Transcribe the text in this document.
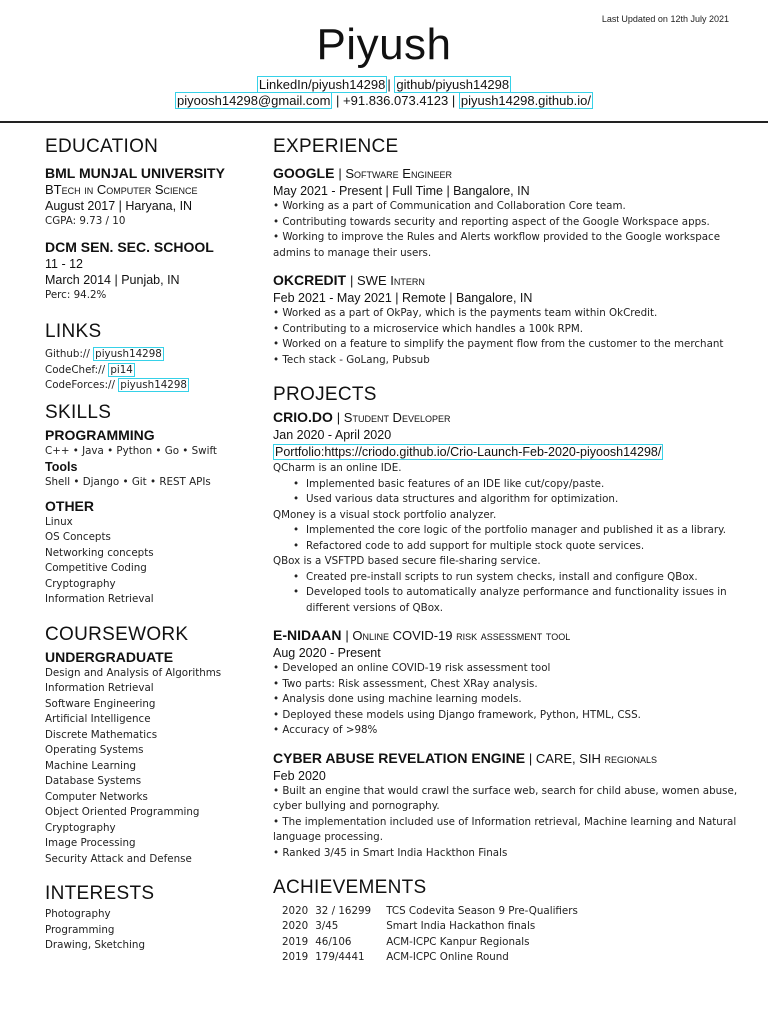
Last Updated on 12th July 2021
Piyush
LinkedIn/piyush14298 | github/piyush14298
piyoosh14298@gmail.com | +91.836.073.4123 | piyush14298.github.io/
EDUCATION
BML MUNJAL UNIVERSITY
BTech in Computer Science
August 2017 | Haryana, IN
CGPA: 9.73 / 10
DCM SEN. SEC. SCHOOL
11 - 12
March 2014 | Punjab, IN
Perc: 94.2%
LINKS
Github:// piyush14298
CodeChef:// pi14
CodeForces:// piyush14298
SKILLS
PROGRAMMING
C++ • Java • Python • Go • Swift
Tools
Shell • Django • Git • REST APIs
OTHER
Linux
OS Concepts
Networking concepts
Competitive Coding
Cryptography
Information Retrieval
COURSEWORK
UNDERGRADUATE
Design and Analysis of Algorithms
Information Retrieval
Software Engineering
Artificial Intelligence
Discrete Mathematics
Operating Systems
Machine Learning
Database Systems
Computer Networks
Object Oriented Programming
Cryptography
Image Processing
Security Attack and Defense
INTERESTS
Photography
Programming
Drawing, Sketching
EXPERIENCE
GOOGLE | Software Engineer
May 2021 - Present | Full Time | Bangalore, IN
• Working as a part of Communication and Collaboration Core team.
• Contributing towards security and reporting aspect of the Google Workspace apps.
• Working to improve the Rules and Alerts workflow provided to the Google workspace admins to manage their users.
OKCREDIT | SWE Intern
Feb 2021 - May 2021 | Remote | Bangalore, IN
• Worked as a part of OkPay, which is the payments team within OkCredit.
• Contributing to a microservice which handles a 100k RPM.
• Worked on a feature to simplify the payment flow from the customer to the merchant
• Tech stack - GoLang, Pubsub
PROJECTS
CRIO.DO | Student Developer
Jan 2020 - April 2020
Portfolio:https://criodo.github.io/Crio-Launch-Feb-2020-piyoosh14298/
QCharm is an online IDE.
• Implemented basic features of an IDE like cut/copy/paste.
• Used various data structures and algorithm for optimization.
QMoney is a visual stock portfolio analyzer.
• Implemented the core logic of the portfolio manager and published it as a library.
• Refactored code to add support for multiple stock quote services.
QBox is a VSFTPD based secure file-sharing service.
• Created pre-install scripts to run system checks, install and configure QBox.
• Developed tools to automatically analyze performance and functionality issues in different versions of QBox.
E-NIDAAN | Online COVID-19 risk assessment tool
Aug 2020 - Present
• Developed an online COVID-19 risk assessment tool
• Two parts: Risk assessment, Chest XRay analysis.
• Analysis done using machine learning models.
• Deployed these models using Django framework, Python, HTML, CSS.
• Accuracy of >98%
CYBER ABUSE REVELATION ENGINE | CARE, SIH regionals
Feb 2020
• Built an engine that would crawl the surface web, search for child abuse, women abuse, cyber bullying and pornography.
• The implementation included use of Information retrieval, Machine learning and Natural language processing.
• Ranked 3/45 in Smart India Hackthon Finals
ACHIEVEMENTS
2020	32 / 16299	TCS Codevita Season 9 Pre-Qualifiers
2020	3/45	Smart India Hackathon finals
2019	46/106	ACM-ICPC Kanpur Regionals
2019	179/4441	ACM-ICPC Online Round
